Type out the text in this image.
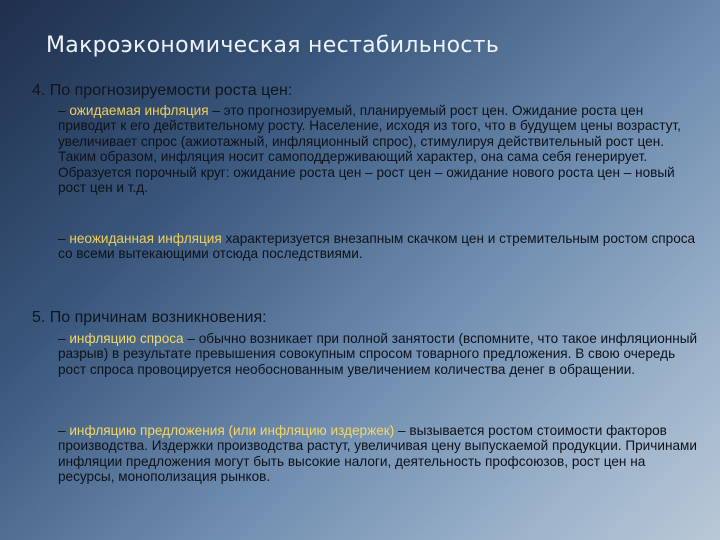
Макроэкономическая нестабильность
4. По прогнозируемости роста цен:
– ожидаемая инфляция – это прогнозируемый, планируемый рост цен. Ожидание роста цен приводит к его действительному росту. Население, исходя из того, что в будущем цены возрастут, увеличивает спрос (ажиотажный, инфляционный спрос), стимулируя действительный рост цен. Таким образом, инфляция носит самоподдерживающий характер, она сама себя генерирует. Образуется порочный круг: ожидание роста цен – рост цен – ожидание нового роста цен – новый рост цен и т.д.
– неожиданная инфляция характеризуется внезапным скачком цен и стремительным ростом спроса со всеми вытекающими отсюда последствиями.
5. По причинам возникновения:
– инфляцию спроса – обычно возникает при полной занятости (вспомните, что такое инфляционный разрыв) в результате превышения совокупным спросом товарного предложения. В свою очередь рост спроса провоцируется необоснованным увеличением количества денег в обращении.
– инфляцию предложения (или инфляцию издержек) – вызывается ростом стоимости факторов производства. Издержки производства растут, увеличивая цену выпускаемой продукции. Причинами инфляции предложения могут быть высокие налоги, деятельность профсоюзов, рост цен на ресурсы, монополизация рынков.
